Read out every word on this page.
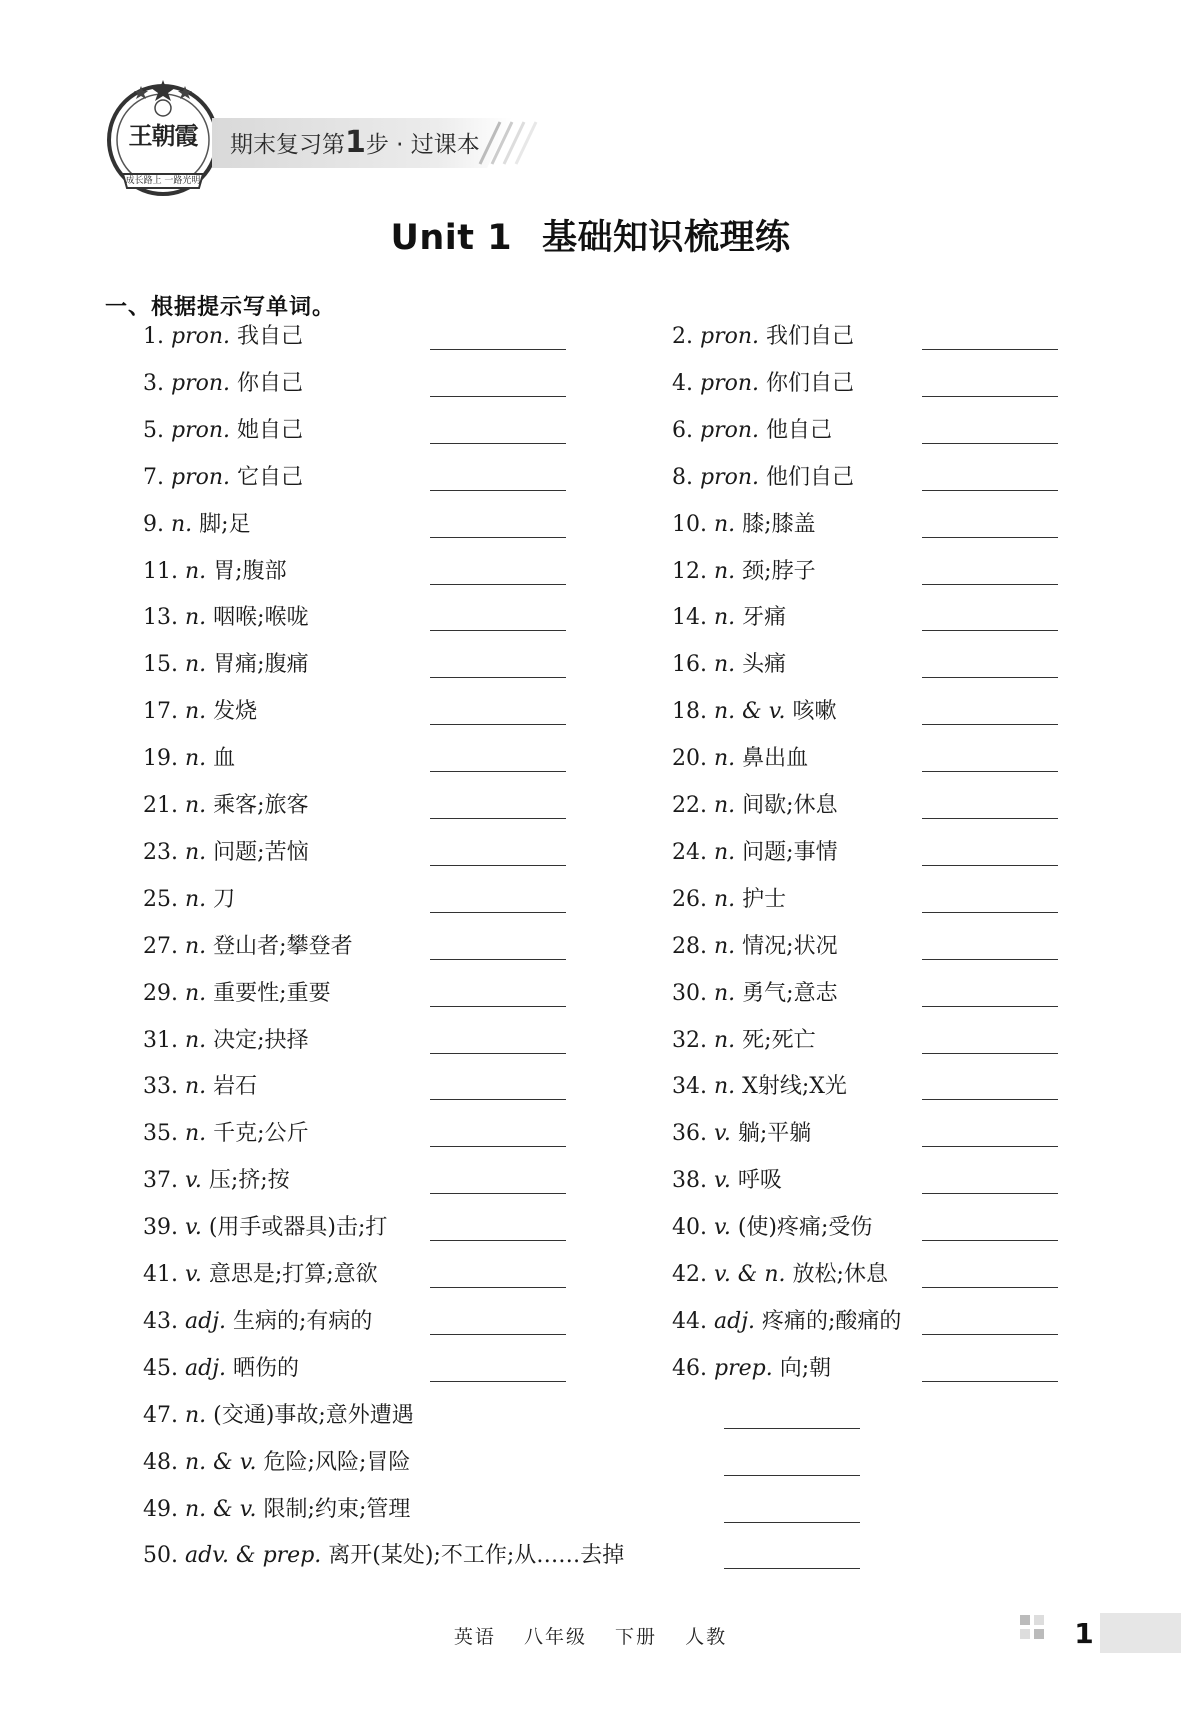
王朝霞
成长路上 一路光明
期末复习第1步 · 过课本
Unit 1 基础知识梳理练
一、根据提示写单词。
1. pron. 我自己	2. pron. 我们自己
3. pron. 你自己	4. pron. 你们自己
5. pron. 她自己	6. pron. 他自己
7. pron. 它自己	8. pron. 他们自己
9. n. 脚;足	10. n. 膝;膝盖
11. n. 胃;腹部	12. n. 颈;脖子
13. n. 咽喉;喉咙	14. n. 牙痛
15. n. 胃痛;腹痛	16. n. 头痛
17. n. 发烧	18. n. & v. 咳嗽
19. n. 血	20. n. 鼻出血
21. n. 乘客;旅客	22. n. 间歇;休息
23. n. 问题;苦恼	24. n. 问题;事情
25. n. 刀	26. n. 护士
27. n. 登山者;攀登者	28. n. 情况;状况
29. n. 重要性;重要	30. n. 勇气;意志
31. n. 决定;抉择	32. n. 死;死亡
33. n. 岩石	34. n. X射线;X光
35. n. 千克;公斤	36. v. 躺;平躺
37. v. 压;挤;按	38. v. 呼吸
39. v. (用手或器具)击;打	40. v. (使)疼痛;受伤
41. v. 意思是;打算;意欲	42. v. & n. 放松;休息
43. adj. 生病的;有病的	44. adj. 疼痛的;酸痛的
45. adj. 晒伤的	46. prep. 向;朝
47. n. (交通)事故;意外遭遇
48. n. & v. 危险;风险;冒险
49. n. & v. 限制;约束;管理
50. adv. & prep. 离开(某处);不工作;从……去掉
英语 八年级 下册 人教	1
